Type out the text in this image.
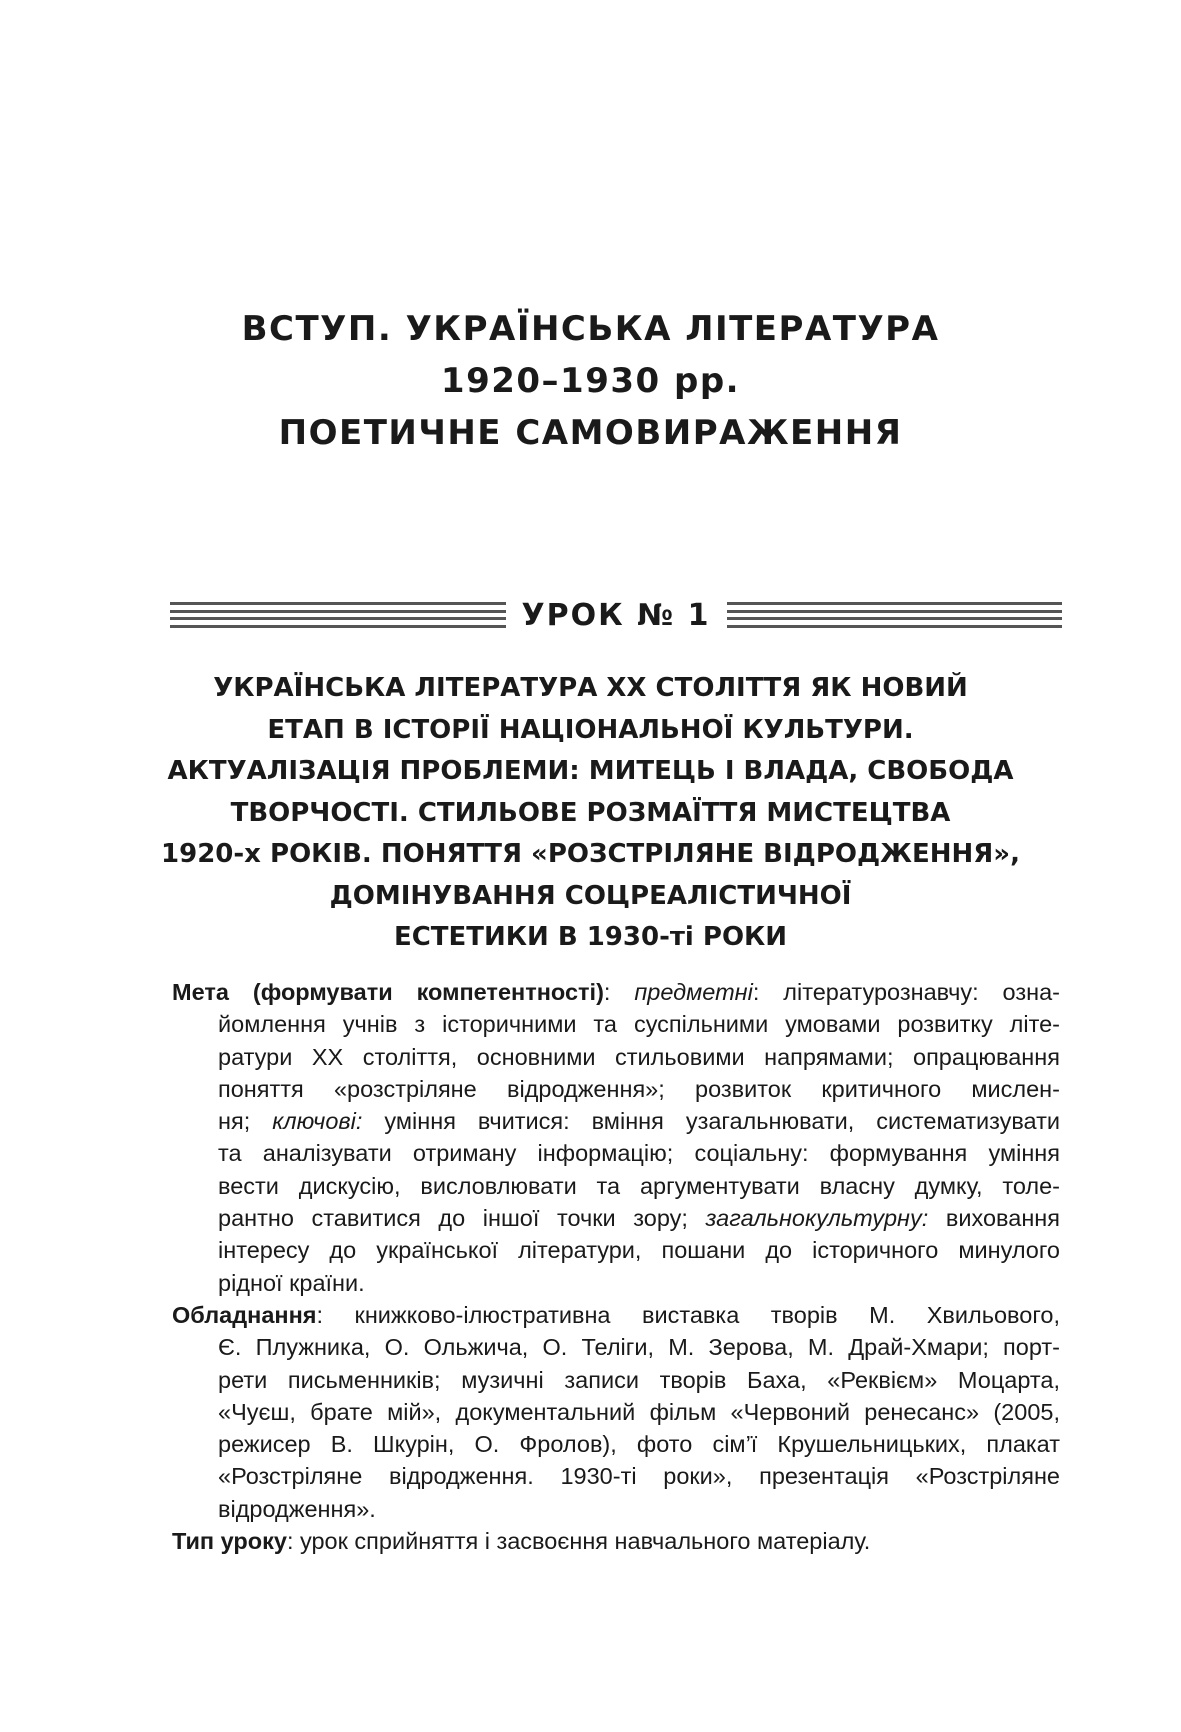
ВСТУП. УКРАЇНСЬКА ЛІТЕРАТУРА
1920–1930 рр.
ПОЕТИЧНЕ САМОВИРАЖЕННЯ
УРОК № 1
УКРАЇНСЬКА ЛІТЕРАТУРА ХХ СТОЛІТТЯ ЯК НОВИЙ
ЕТАП В ІСТОРІЇ НАЦІОНАЛЬНОЇ КУЛЬТУРИ.
АКТУАЛІЗАЦІЯ ПРОБЛЕМИ: МИТЕЦЬ І ВЛАДА, СВОБОДА
ТВОРЧОСТІ. СТИЛЬОВЕ РОЗМАЇТТЯ МИСТЕЦТВА
1920-х РОКІВ. ПОНЯТТЯ «РОЗСТРІЛЯНЕ ВІДРОДЖЕННЯ»,
ДОМІНУВАННЯ СОЦРЕАЛІСТИЧНОЇ
ЕСТЕТИКИ В 1930-ті РОКИ
Мета (формувати компетентності): предметні: літературознавчу: озна-
йомлення учнів з історичними та суспільними умовами розвитку літе-
ратури ХХ століття, основними стильовими напрямами; опрацювання
поняття «розстріляне відродження»; розвиток критичного мислен-
ня; ключові: уміння вчитися: вміння узагальнювати, систематизувати
та аналізувати отриману інформацію; соціальну: формування уміння
вести дискусію, висловлювати та аргументувати власну думку, толе-
рантно ставитися до іншої точки зору; загальнокультурну: виховання
інтересу до української літератури, пошани до історичного минулого
рідної країни.
Обладнання: книжково-ілюстративна виставка творів М. Хвильового,
Є. Плужника, О. Ольжича, О. Теліги, М. Зерова, М. Драй-Хмари; порт-
рети письменників; музичні записи творів Баха, «Реквієм» Моцарта,
«Чуєш, брате мій», документальний фільм «Червоний ренесанс» (2005,
режисер В. Шкурін, О. Фролов), фото сім’ї Крушельницьких, плакат
«Розстріляне відродження. 1930-ті роки», презентація «Розстріляне
відродження».
Тип уроку: урок сприйняття і засвоєння навчального матеріалу.
